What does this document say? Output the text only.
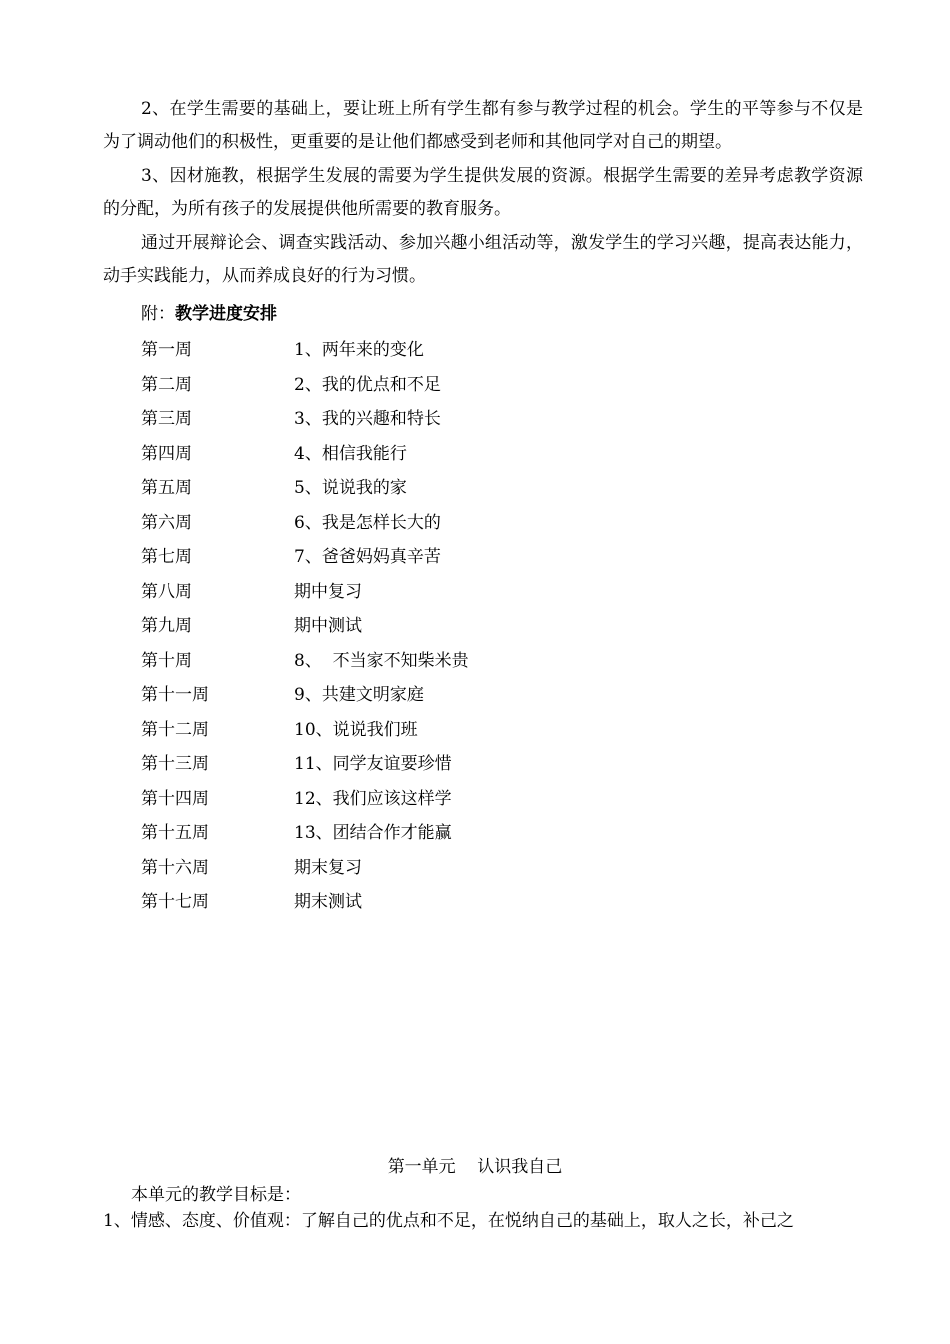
2、在学生需要的基础上，要让班上所有学生都有参与教学过程的机会。学生的平等参与不仅是为了调动他们的积极性，更重要的是让他们都感受到老师和其他同学对自己的期望。
3、因材施教，根据学生发展的需要为学生提供发展的资源。根据学生需要的差异考虑教学资源的分配，为所有孩子的发展提供他所需要的教育服务。
通过开展辩论会、调查实践活动、参加兴趣小组活动等，激发学生的学习兴趣，提高表达能力，动手实践能力，从而养成良好的行为习惯。
附：教学进度安排
第一周	1、两年来的变化
第二周	2、我的优点和不足
第三周	3、我的兴趣和特长
第四周	4、相信我能行
第五周	5、说说我的家
第六周	6、我是怎样长大的
第七周	7、爸爸妈妈真辛苦
第八周	期中复习
第九周	期中测试
第十周	8、  不当家不知柴米贵
第十一周	9、共建文明家庭
第十二周	10、说说我们班
第十三周	11、同学友谊要珍惜
第十四周	12、我们应该这样学
第十五周	13、团结合作才能赢
第十六周	期末复习
第十七周	期末测试
第一单元    认识我自己
本单元的教学目标是：
1、情感、态度、价值观：了解自己的优点和不足，在悦纳自己的基础上，取人之长，补己之
